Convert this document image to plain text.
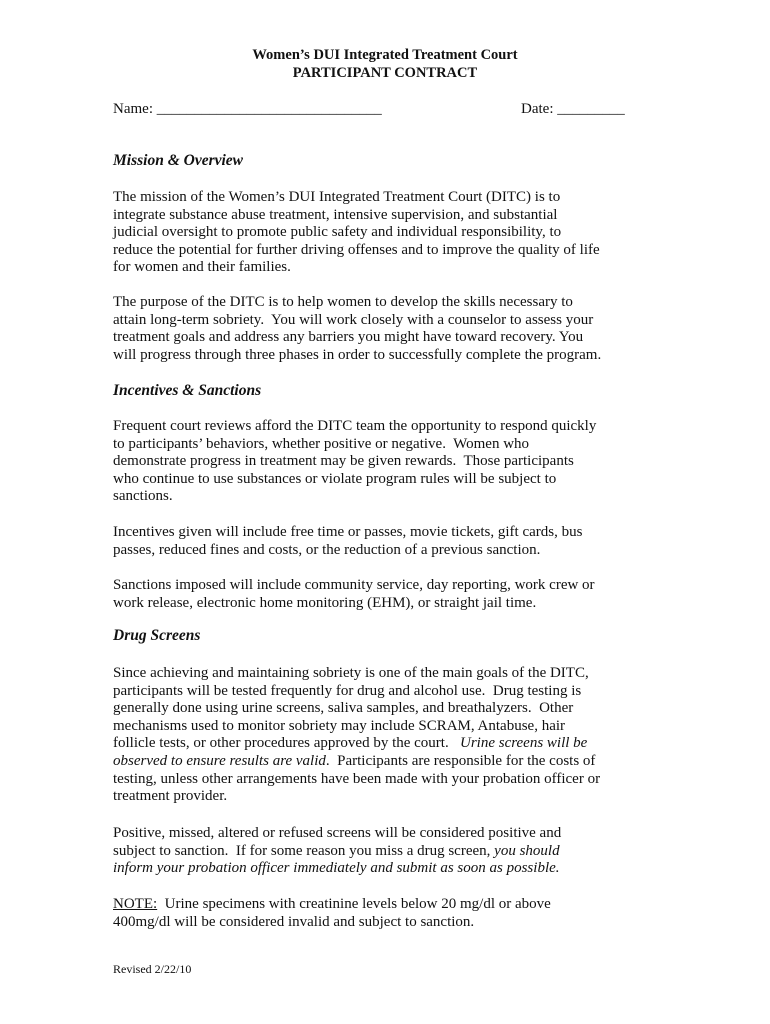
Women’s DUI Integrated Treatment Court
PARTICIPANT CONTRACT
Name: ______________________________	Date: _________
Mission & Overview
The mission of the Women’s DUI Integrated Treatment Court (DITC) is to
integrate substance abuse treatment, intensive supervision, and substantial
judicial oversight to promote public safety and individual responsibility, to
reduce the potential for further driving offenses and to improve the quality of life
for women and their families.
The purpose of the DITC is to help women to develop the skills necessary to
attain long-term sobriety.  You will work closely with a counselor to assess your
treatment goals and address any barriers you might have toward recovery. You
will progress through three phases in order to successfully complete the program.
Incentives & Sanctions
Frequent court reviews afford the DITC team the opportunity to respond quickly
to participants’ behaviors, whether positive or negative.  Women who
demonstrate progress in treatment may be given rewards.  Those participants
who continue to use substances or violate program rules will be subject to
sanctions.
Incentives given will include free time or passes, movie tickets, gift cards, bus
passes, reduced fines and costs, or the reduction of a previous sanction.
Sanctions imposed will include community service, day reporting, work crew or
work release, electronic home monitoring (EHM), or straight jail time.
Drug Screens
Since achieving and maintaining sobriety is one of the main goals of the DITC,
participants will be tested frequently for drug and alcohol use.  Drug testing is
generally done using urine screens, saliva samples, and breathalyzers.  Other
mechanisms used to monitor sobriety may include SCRAM, Antabuse, hair
follicle tests, or other procedures approved by the court.   Urine screens will be
observed to ensure results are valid.  Participants are responsible for the costs of
testing, unless other arrangements have been made with your probation officer or
treatment provider.
Positive, missed, altered or refused screens will be considered positive and
subject to sanction.  If for some reason you miss a drug screen, you should
inform your probation officer immediately and submit as soon as possible.
NOTE:  Urine specimens with creatinine levels below 20 mg/dl or above
400mg/dl will be considered invalid and subject to sanction.
Revised 2/22/10
